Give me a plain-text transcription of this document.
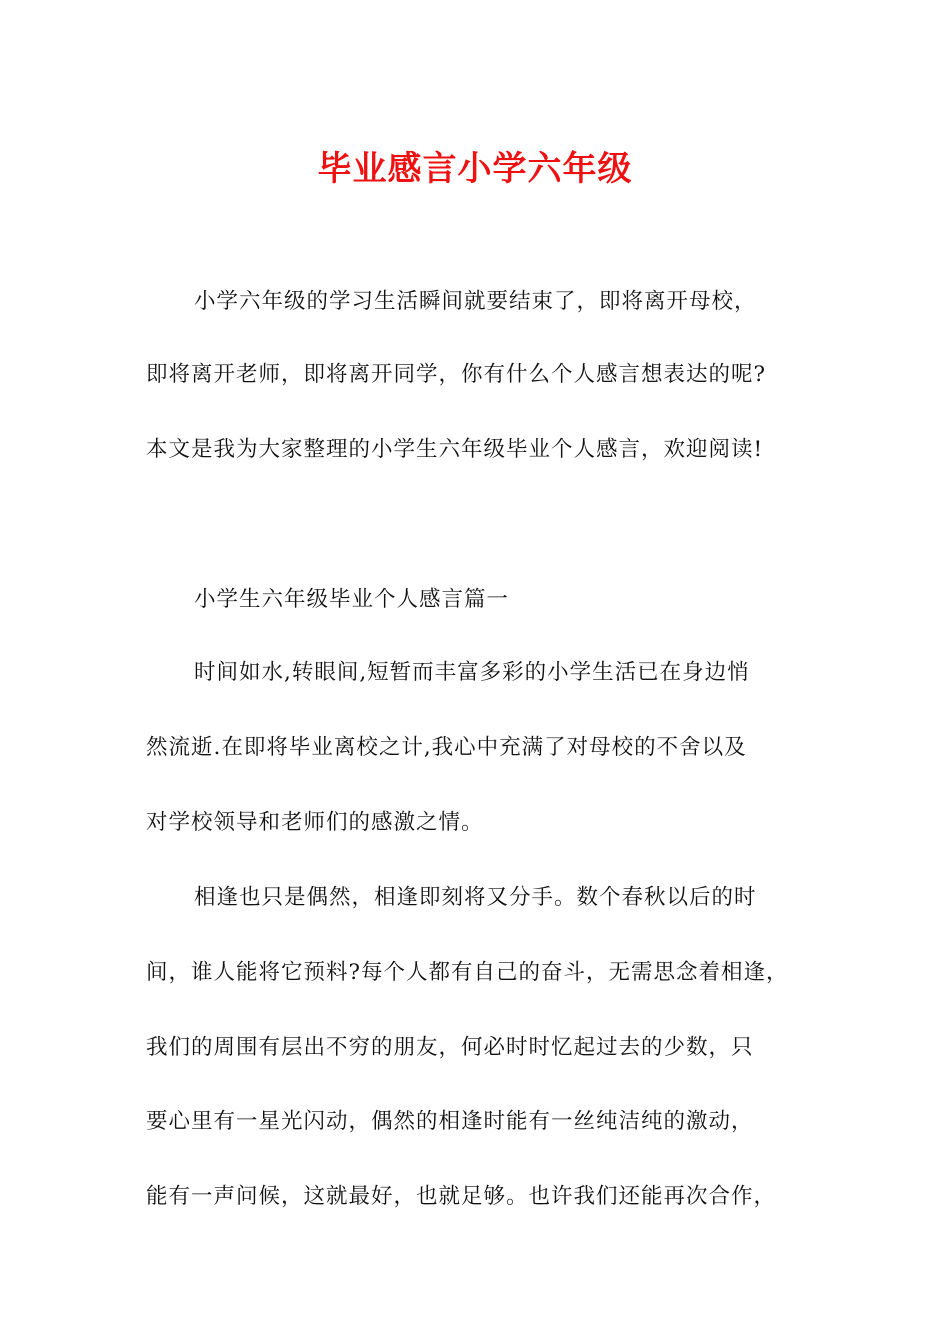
毕业感言小学六年级
小学六年级的学习生活瞬间就要结束了，即将离开母校，
即将离开老师，即将离开同学，你有什么个人感言想表达的呢?
本文是我为大家整理的小学生六年级毕业个人感言，欢迎阅读!
小学生六年级毕业个人感言篇一
时间如水,转眼间,短暂而丰富多彩的小学生活已在身边悄
然流逝.在即将毕业离校之计,我心中充满了对母校的不舍以及
对学校领导和老师们的感激之情。
相逢也只是偶然，相逢即刻将又分手。数个春秋以后的时
间，谁人能将它预料?每个人都有自己的奋斗，无需思念着相逢，
我们的周围有层出不穷的朋友，何必时时忆起过去的少数，只
要心里有一星光闪动，偶然的相逢时能有一丝纯洁纯的激动，
能有一声问候，这就最好，也就足够。也许我们还能再次合作，
